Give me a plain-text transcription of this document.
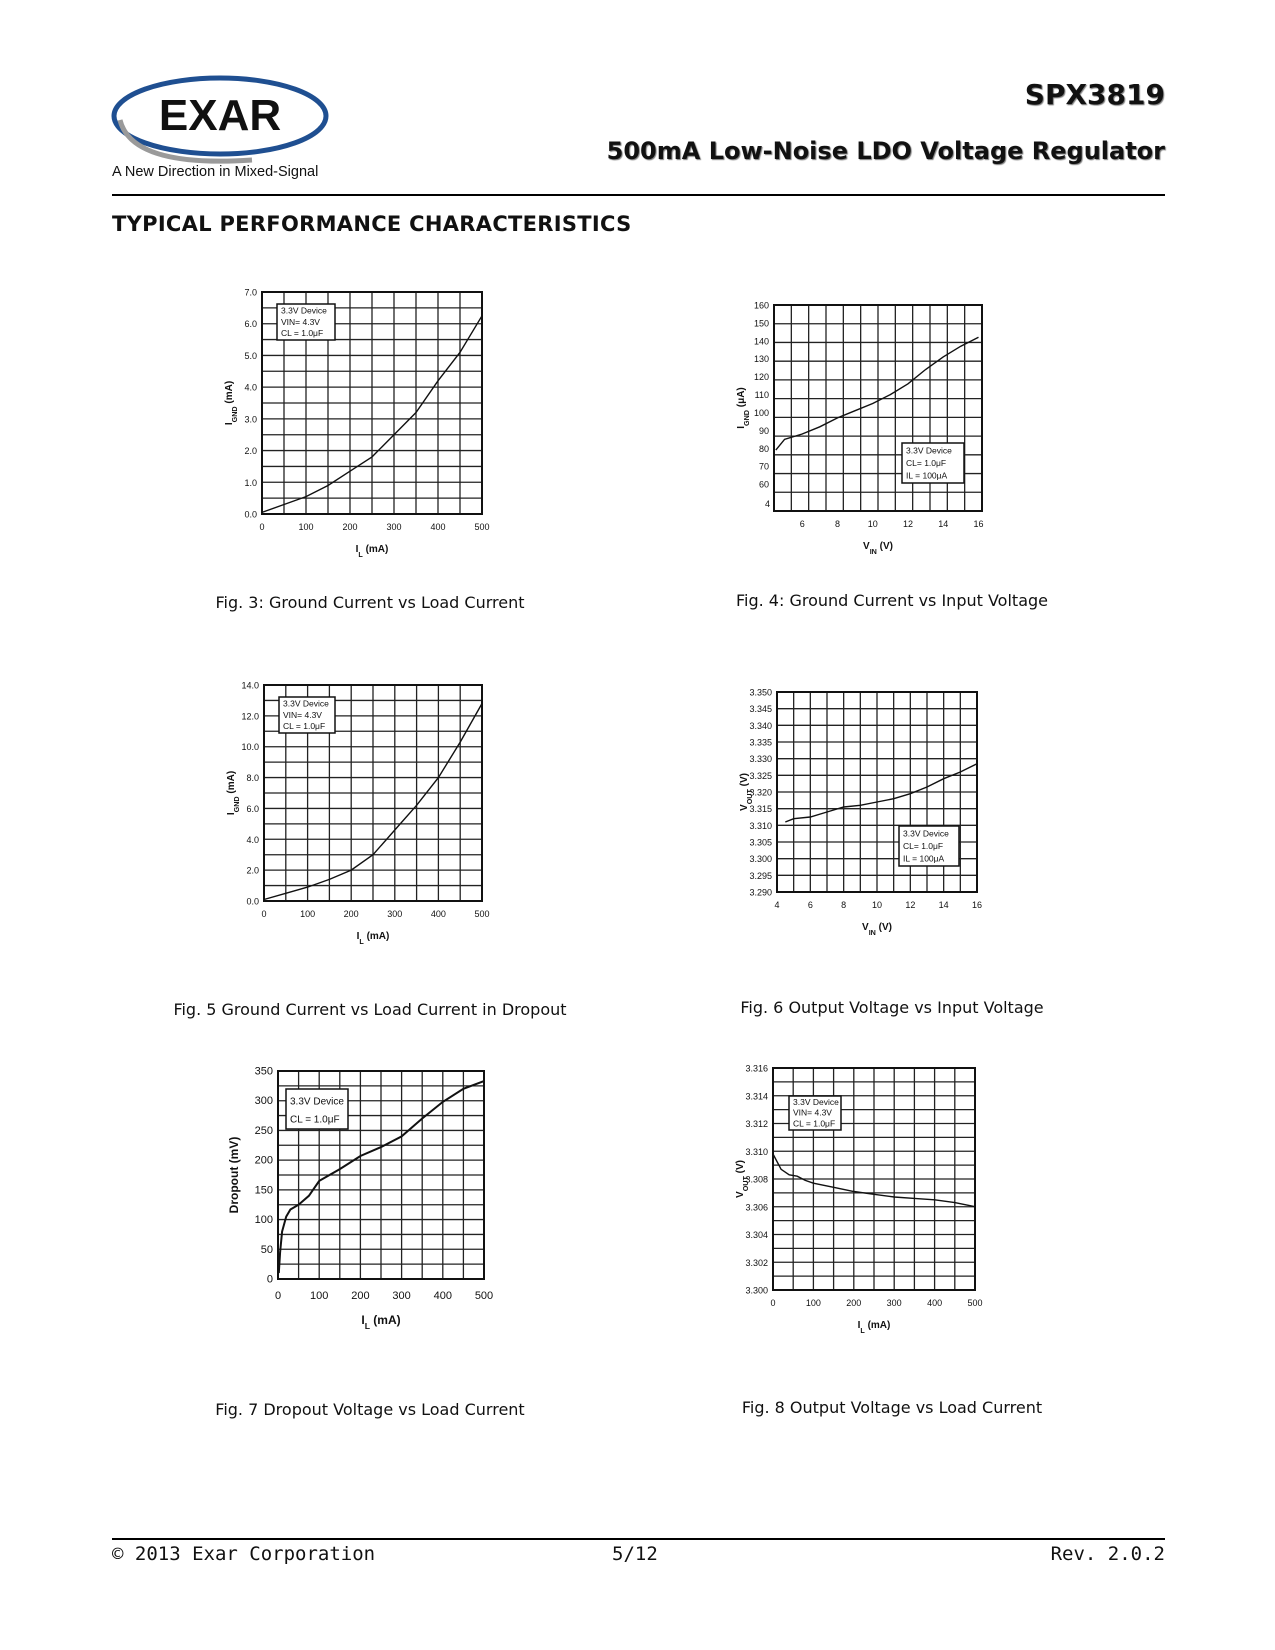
EXAR
A New Direction in Mixed-Signal
SPX3819
500mA Low-Noise LDO Voltage Regulator
TYPICAL PERFORMANCE CHARACTERISTICS
0	100	200	300	400	500
0.0
1.0
2.0
3.0
4.0
5.0
6.0
7.0
$I_L$ (mA)
$I_{GND}$ (mA)
3.3V Device
VIN= 4.3V
CL = 1.0μF
6	8	10	12	14	16
4
60
70
80
90
100
110
120
130
140
150
160
$V_{IN}$ (V)
$I_{GND}$ (μA)
3.3V Device
CL= 1.0μF
IL = 100μA
0	100	200	300	400	500
0.0
2.0
4.0
6.0
8.0
10.0
12.0
14.0
$I_L$ (mA)
$I_{GND}$ (mA)
3.3V Device
VIN= 4.3V
CL = 1.0μF
4	6	8	10	12	14	16
3.290
3.295
3.300
3.305
3.310
3.315
3.320
3.325
3.330
3.335
3.340
3.345
3.350
$V_{IN}$ (V)
$V_{OUT}$ (V)
3.3V Device
CL= 1.0μF
IL = 100μA
0	100 200 300 400 500
0
50
100
150
200
250
300
350
$I_L$ (mA)
Dropout (mV)
3.3V Device
CL = 1.0μF
0	100	200	300	400	500
3.300
3.302
3.304
3.306
3.308
3.310
3.312
3.314
3.316
$I_L$ (mA)
$V_{OUT}$ (V)
3.3V Device
VIN= 4.3V
CL = 1.0μF
Fig. 3: Ground Current vs Load Current	Fig. 4: Ground Current vs Input Voltage
Fig. 5 Ground Current vs Load Current in Dropout	Fig. 6 Output Voltage vs Input Voltage
Fig. 7 Dropout Voltage vs Load Current	Fig. 8 Output Voltage vs Load Current
© 2013 Exar Corporation	5/12	Rev. 2.0.2
